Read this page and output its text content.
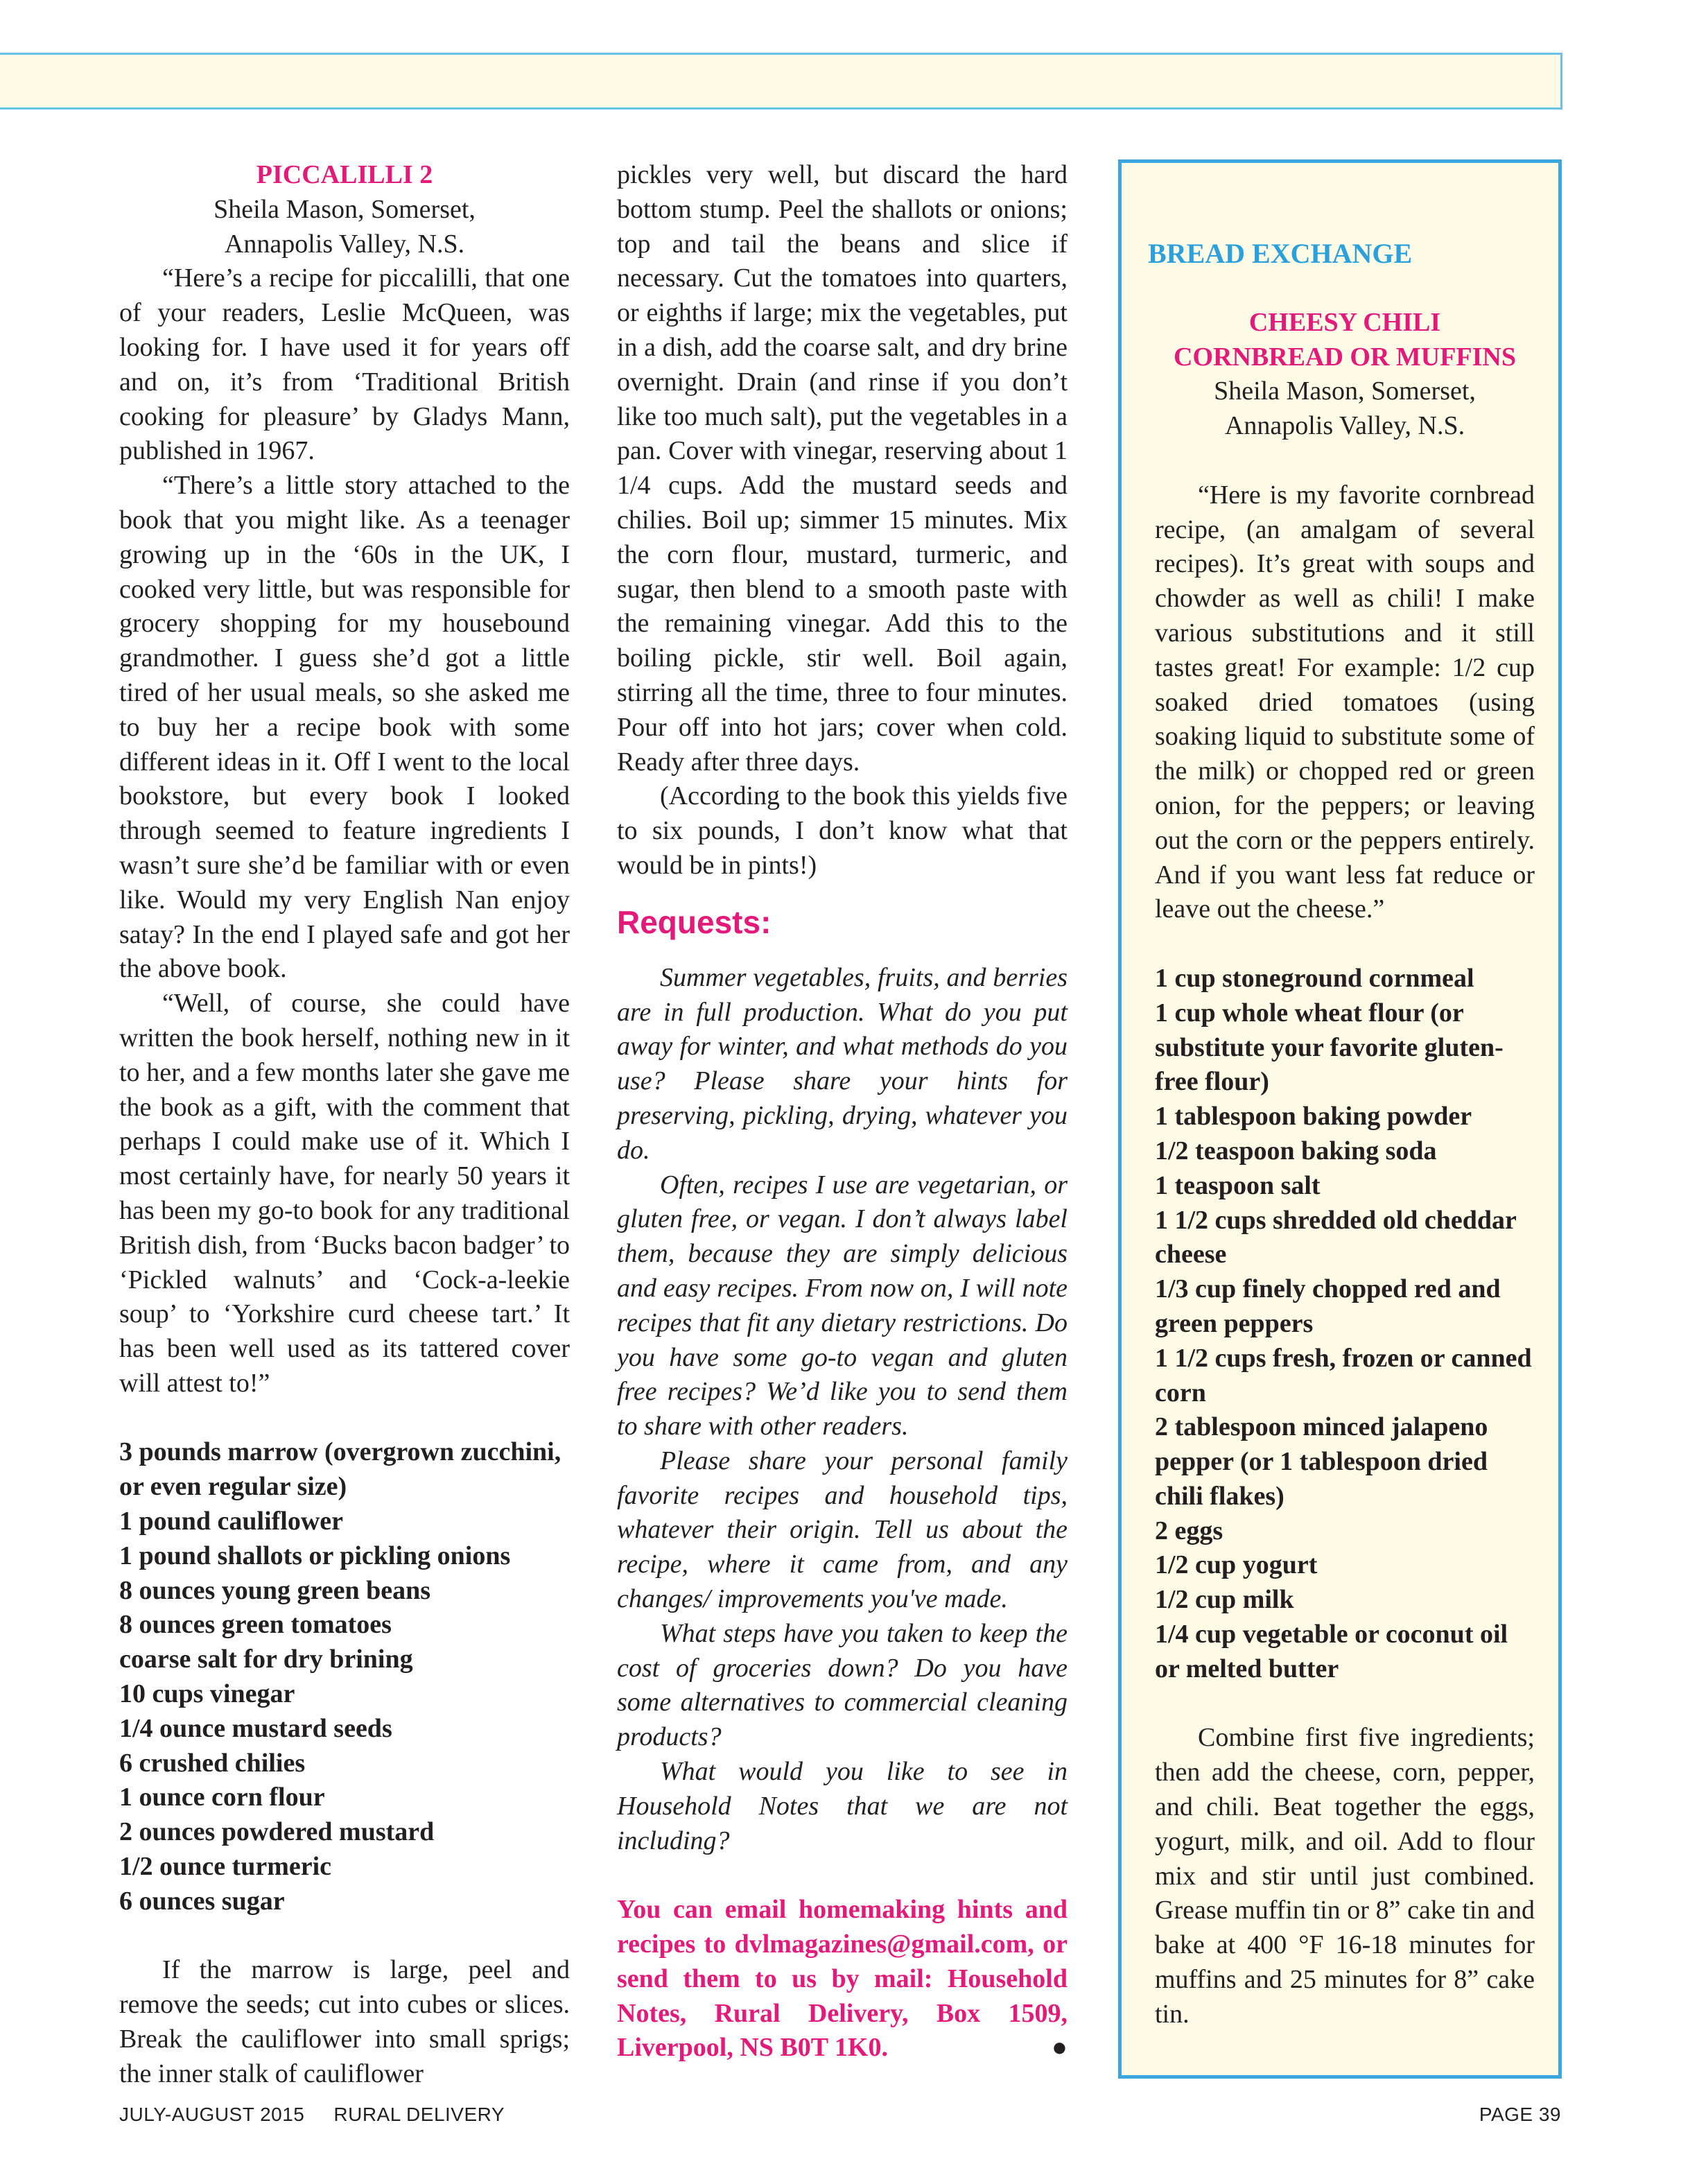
PICCALILLI 2

Sheila Mason, Somerset,

Annapolis Valley, N.S.

“Here’s a recipe for piccalilli, that one of your readers, Leslie McQueen, was looking for. I have used it for years off and on, it’s from ‘Traditional British cooking for pleasure’ by Gladys Mann, published in 1967.

“There’s a little story attached to the book that you might like. As a teenager growing up in the ‘60s in the UK, I cooked very little, but was responsible for grocery shopping for my housebound grandmother. I guess she’d got a little tired of her usual meals, so she asked me to buy her a recipe book with some different ideas in it. Off I went to the local bookstore, but every book I looked through seemed to feature ingredients I wasn’t sure she’d be familiar with or even like. Would my very English Nan enjoy satay? In the end I played safe and got her the above book.

“Well, of course, she could have written the book herself, nothing new in it to her, and a few months later she gave me the book as a gift, with the comment that perhaps I could make use of it. Which I most certainly have, for nearly 50 years it has been my go-to book for any traditional British dish, from ‘Bucks bacon badger’ to ‘Pickled walnuts’ and ‘Cock-a-leekie soup’ to ‘Yorkshire curd cheese tart.’ It has been well used as its tattered cover will attest to!”

3 pounds marrow (overgrown zucchini, or even regular size)
1 pound cauliflower
1 pound shallots or pickling onions
8 ounces young green beans
8 ounces green tomatoes
coarse salt for dry brining
10 cups vinegar
1/4 ounce mustard seeds
6 crushed chilies
1 ounce corn flour
2 ounces powdered mustard
1/2 ounce turmeric
6 ounces sugar

If the marrow is large, peel and remove the seeds; cut into cubes or slices. Break the cauliflower into small sprigs; the inner stalk of cauliflower

pickles very well, but discard the hard bottom stump. Peel the shallots or onions; top and tail the beans and slice if necessary. Cut the tomatoes into quarters, or eighths if large; mix the vegetables, put in a dish, add the coarse salt, and dry brine overnight. Drain (and rinse if you don’t like too much salt), put the vegetables in a pan. Cover with vinegar, reserving about 1 1/4 cups. Add the mustard seeds and chilies. Boil up; simmer 15 minutes. Mix the corn flour, mustard, turmeric, and sugar, then blend to a smooth paste with the remaining vinegar. Add this to the boiling pickle, stir well. Boil again, stirring all the time, three to four minutes. Pour off into hot jars; cover when cold. Ready after three days.

(According to the book this yields five to six pounds, I don’t know what that would be in pints!)

Requests:

Summer vegetables, fruits, and berries are in full production. What do you put away for winter, and what methods do you use? Please share your hints for preserving, pickling, drying, whatever you do.

Often, recipes I use are vegetarian, or gluten free, or vegan. I don’t always label them, because they are simply delicious and easy recipes. From now on, I will note recipes that fit any dietary restrictions. Do you have some go-to vegan and gluten free recipes? We’d like you to send them to share with other readers.

Please share your personal family favorite recipes and household tips, whatever their origin. Tell us about the recipe, where it came from, and any changes/ improvements you've made.

What steps have you taken to keep the cost of groceries down? Do you have some alternatives to commercial cleaning products?

What would you like to see in Household Notes that we are not including?

You can email homemaking hints and recipes to dvlmagazines@gmail.com, or send them to us by mail: Household Notes, Rural Delivery, Box 1509, Liverpool, NS B0T 1K0.	●

BREAD EXCHANGE
CHEESY CHILI
CORNBREAD OR MUFFINS
Sheila Mason, Somerset,
Annapolis Valley, N.S.

“Here is my favorite cornbread recipe, (an amalgam of several recipes). It’s great with soups and chowder as well as chili! I make various substitutions and it still tastes great! For example: 1/2 cup soaked dried tomatoes (using soaking liquid to substitute some of the milk) or chopped red or green onion, for the peppers; or leaving out the corn or the peppers entirely. And if you want less fat reduce or leave out the cheese.”

1 cup stoneground cornmeal
1 cup whole wheat flour (or substitute your favorite gluten-free flour)
1 tablespoon baking powder
1/2 teaspoon baking soda
1 teaspoon salt
1 1/2 cups shredded old cheddar cheese
1/3 cup finely chopped red and green peppers
1 1/2 cups fresh, frozen or canned corn
2 tablespoon minced jalapeno pepper (or 1 tablespoon dried chili flakes)
2 eggs
1/2 cup yogurt
1/2 cup milk
1/4 cup vegetable or coconut oil or melted butter

Combine first five ingredients; then add the cheese, corn, pepper, and chili. Beat together the eggs, yogurt, milk, and oil. Add to flour mix and stir until just combined. Grease muffin tin or 8” cake tin and bake at 400 °F 16-18 minutes for muffins and 25 minutes for 8” cake tin.

JULY-AUGUST 2015 RURAL DELIVERY	PAGE 39
